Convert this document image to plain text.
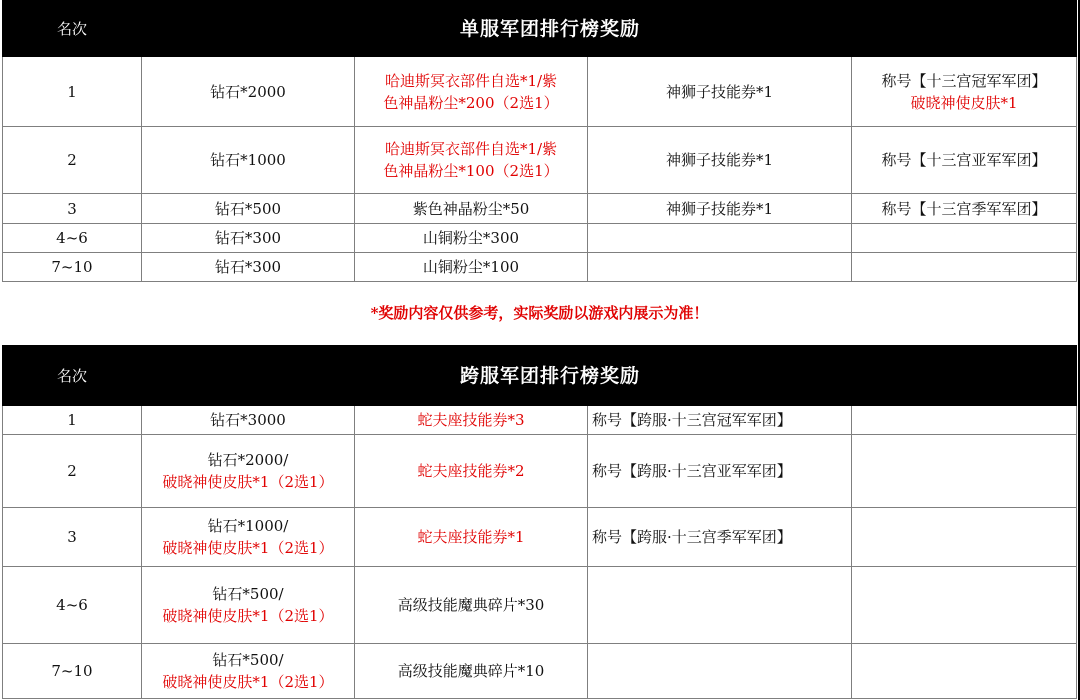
名次	单服军团排行榜奖励			
1	钻石*2000	哈迪斯冥衣部件自选*1/紫
色神晶粉尘*200（2选1）	神狮子技能券*1	称号【十三宫冠军军团】
破晓神使皮肤*1

2	钻石*1000	哈迪斯冥衣部件自选*1/紫
色神晶粉尘*100（2选1）	神狮子技能券*1	称号【十三宫亚军军团】
3	钻石*500	紫色神晶粉尘*50	神狮子技能券*1	称号【十三宫季军军团】
4~6	钻石*300	山铜粉尘*300		
7~10	钻石*300	山铜粉尘*100		
*奖励内容仅供参考，实际奖励以游戏内展示为准！				
名次	跨服军团排行榜奖励			
1	钻石*3000	蛇夫座技能券*3	称号【跨服·十三宫冠军军团】	
2	钻石*2000/
破晓神使皮肤*1（2选1）	蛇夫座技能券*2	称号【跨服·十三宫亚军军团】	
3	钻石*1000/
破晓神使皮肤*1（2选1）	蛇夫座技能券*1	称号【跨服·十三宫季军军团】	
4~6	钻石*500/
破晓神使皮肤*1（2选1）	高级技能魔典碎片*30		
7~10	钻石*500/
破晓神使皮肤*1（2选1）	高级技能魔典碎片*10		
